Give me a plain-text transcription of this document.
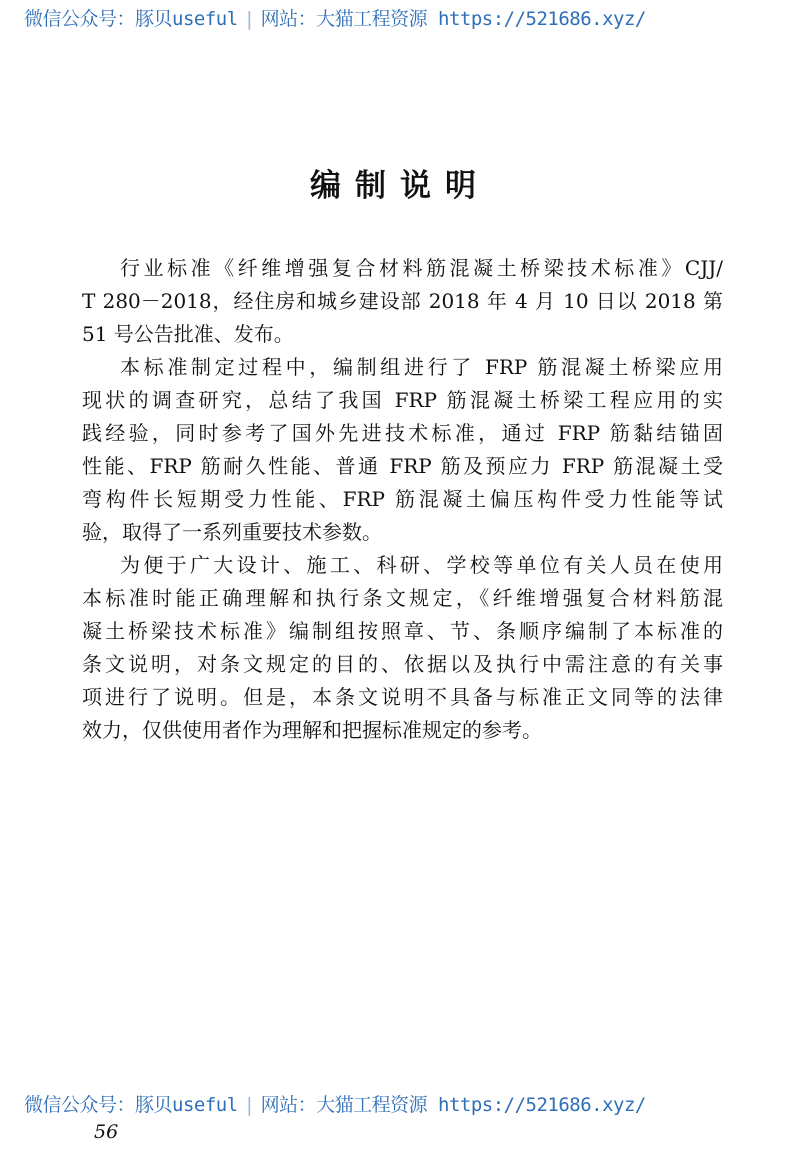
微信公众号：豚贝useful | 网站：大猫工程资源 https://521686.xyz/
编制说明
行业标准《纤维增强复合材料筋混凝土桥梁技术标准》CJJ/
T 280－2018，经住房和城乡建设部 2018 年 4 月 10 日以 2018 第
51 号公告批准、发布。
本标准制定过程中，编制组进行了 FRP 筋混凝土桥梁应用
现状的调查研究，总结了我国 FRP 筋混凝土桥梁工程应用的实
践经验，同时参考了国外先进技术标准，通过 FRP 筋黏结锚固
性能、FRP 筋耐久性能、普通 FRP 筋及预应力 FRP 筋混凝土受
弯构件长短期受力性能、FRP 筋混凝土偏压构件受力性能等试
验，取得了一系列重要技术参数。
为便于广大设计、施工、科研、学校等单位有关人员在使用
本标准时能正确理解和执行条文规定，《纤维增强复合材料筋混
凝土桥梁技术标准》编制组按照章、节、条顺序编制了本标准的
条文说明，对条文规定的目的、依据以及执行中需注意的有关事
项进行了说明。但是，本条文说明不具备与标准正文同等的法律
效力，仅供使用者作为理解和把握标准规定的参考。
微信公众号：豚贝useful | 网站：大猫工程资源 https://521686.xyz/
56
